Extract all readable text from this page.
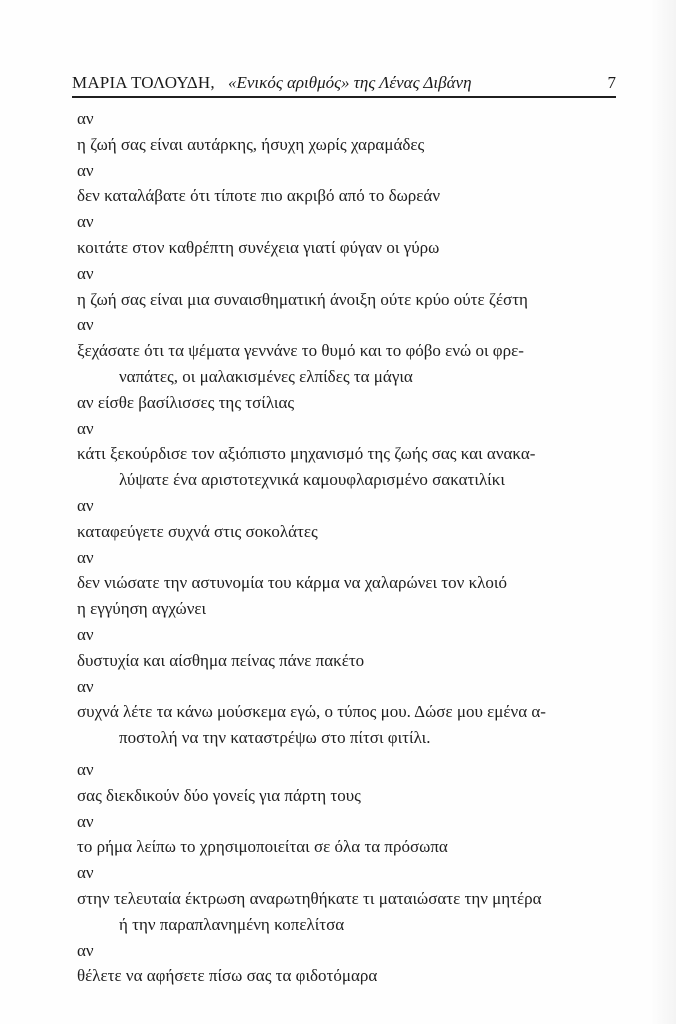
ΜΑΡΙΑ ΤΟΛΟΥΔΗ, «Ενικός αριθμός» της Λένας Διβάνη	7
αν
η ζωή σας είναι αυτάρκης, ήσυχη χωρίς χαραμάδες
αν
δεν καταλάβατε ότι τίποτε πιο ακριβό από το δωρεάν
αν
κοιτάτε στον καθρέπτη συνέχεια γιατί φύγαν οι γύρω
αν
η ζωή σας είναι μια συναισθηματική άνοιξη ούτε κρύο ούτε ζέστη
αν
ξεχάσατε ότι τα ψέματα γεννάνε το θυμό και το φόβο ενώ οι φρε-
ναπάτες, οι μαλακισμένες ελπίδες τα μάγια
αν είσθε βασίλισσες της τσίλιας
αν
κάτι ξεκούρδισε τον αξιόπιστο μηχανισμό της ζωής σας και ανακα-
λύψατε ένα αριστοτεχνικά καμουφλαρισμένο σακατιλίκι
αν
καταφεύγετε συχνά στις σοκολάτες
αν
δεν νιώσατε την αστυνομία του κάρμα να χαλαρώνει τον κλοιό
η εγγύηση αγχώνει
αν
δυστυχία και αίσθημα πείνας πάνε πακέτο
αν
συχνά λέτε τα κάνω μούσκεμα εγώ, ο τύπος μου. Δώσε μου εμένα α-
ποστολή να την καταστρέψω στο πίτσι φιτίλι.
αν
σας διεκδικούν δύο γονείς για πάρτη τους
αν
το ρήμα λείπω το χρησιμοποιείται σε όλα τα πρόσωπα
αν
στην τελευταία έκτρωση αναρωτηθήκατε τι ματαιώσατε την μητέρα
ή την παραπλανημένη κοπελίτσα
αν
θέλετε να αφήσετε πίσω σας τα φιδοτόμαρα
